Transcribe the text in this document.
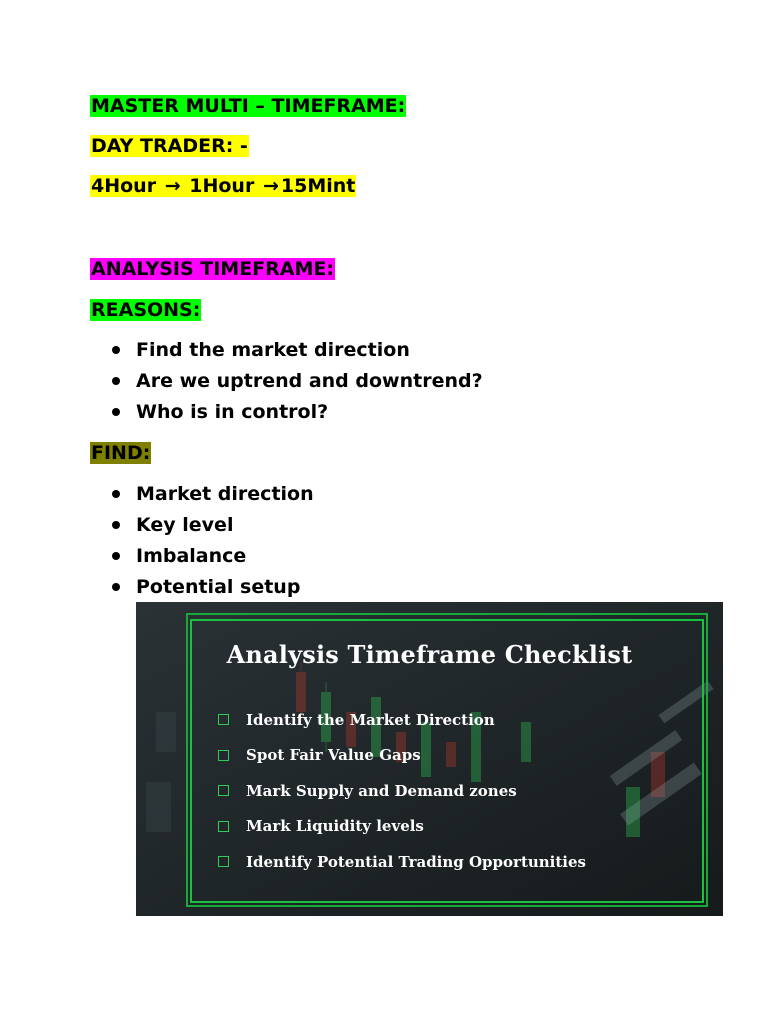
MASTER MULTI – TIMEFRAME:
DAY TRADER: -
4Hour → 1Hour → 15Mint
ANALYSIS TIMEFRAME:
REASONS:
Find the market direction
Are we uptrend and downtrend?
Who is in control?
FIND:
Market direction
Key level
Imbalance
Potential setup
Analysis Timeframe Checklist
Identify the Market Direction
Spot Fair Value Gaps
Mark Supply and Demand zones
Mark Liquidity levels
Identify Potential Trading Opportunities
